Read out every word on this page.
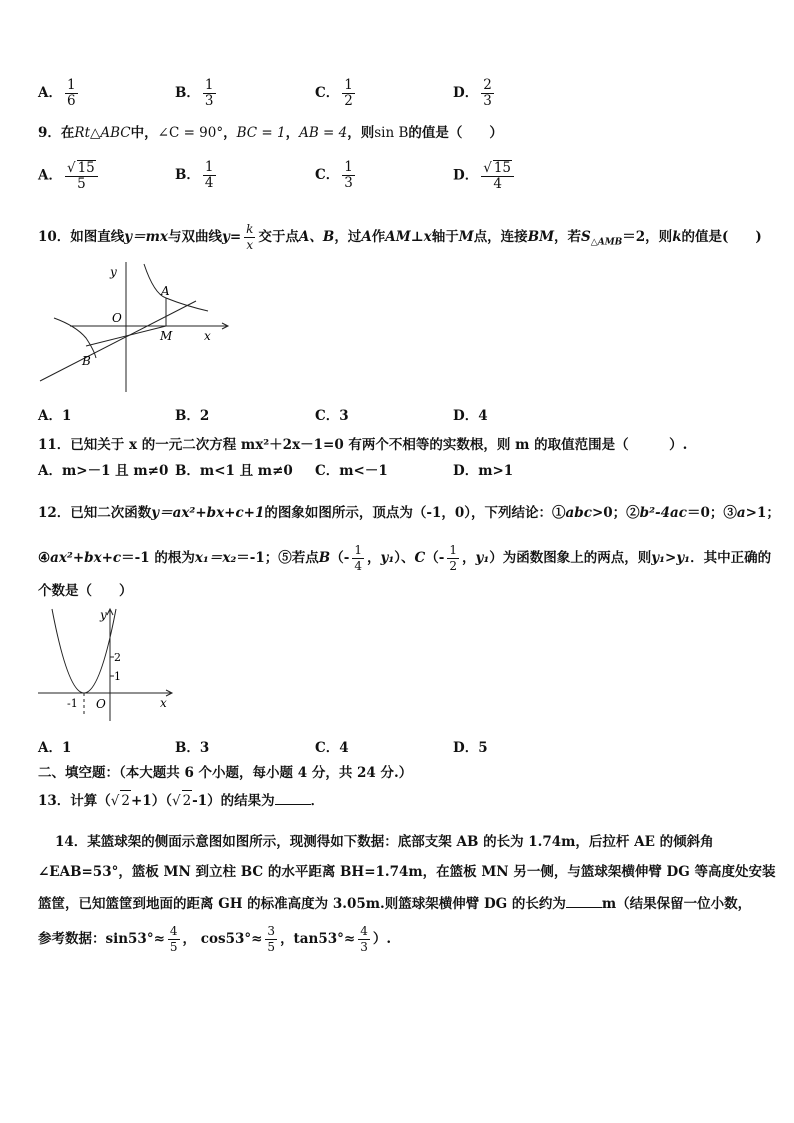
A． $\frac{1}{6}$	B． $\frac{1}{3}$	C． $\frac{1}{2}$	D． $\frac{2}{3}$
9．在Rt△ABC中，∠C = 90°，BC = 1，AB = 4，则sin B的值是（　　）
A． $\frac{√ 15}{5}$	B． $\frac{1}{4}$	C． $\frac{1}{3}$	D． $\frac{√ 15}{4}$
10．如图直线y＝mx与双曲线$y= \frac{k}{x}$ 交于点A、B，过A作AM⊥x轴于M点，连接BM，若$S_{\triangle AMB}=2$，则k的值是(　　)
y
O
x
A
B
M
A．1	B．2	C．3	D．4
11．已知关于 x 的一元二次方程 mx²＋2x－1=0 有两个不相等的实数根，则 m 的取值范围是（　　　）.
A．m>－1 且 m≠0 B．m<1 且 m≠0 C．m<－1	D．m>1
12．已知二次函数y＝ax²+bx+c+1的图象如图所示，顶点为（-1，0），下列结论：①abc>0；②b²-4ac＝0；③a>1；
④ax²+bx+c＝-1 的根为x₁＝x₂＝-1；⑤若点$B(- \frac{1}{4}$ ，y₁）、$C(- \frac{1}{2}$ ，y₁）为函数图象上的两点，则y₁>y₁．其中正确的
个数是（　　）
y
x
O
2
1
-1
A．1	B．3	C．4	D．5
二、填空题：（本大题共 6 个小题，每小题 4 分，共 24 分.）
13．计算（√ 2+1）（√ 2-1）的结果为	．
14．某篮球架的侧面示意图如图所示，现测得如下数据：底部支架 AB 的长为 1.74m，后拉杆 AE 的倾斜角
∠EAB=53°，篮板 MN 到立柱 BC 的水平距离 BH=1.74m，在篮板 MN 另一侧，与篮球架横伸臂 DG 等高度处安装
篮筐，已知篮筐到地面的距离 GH 的标准高度为 3.05m.则篮球架横伸臂 DG 的长约为	m（结果保留一位小数，
参考数据：$\sin 53^\circ\approx \frac{4}{5}$ ， $\cos 53^\circ\approx \frac{3}{5}$ ，$\tan 53^\circ\approx \frac{4}{3}$ ）.
